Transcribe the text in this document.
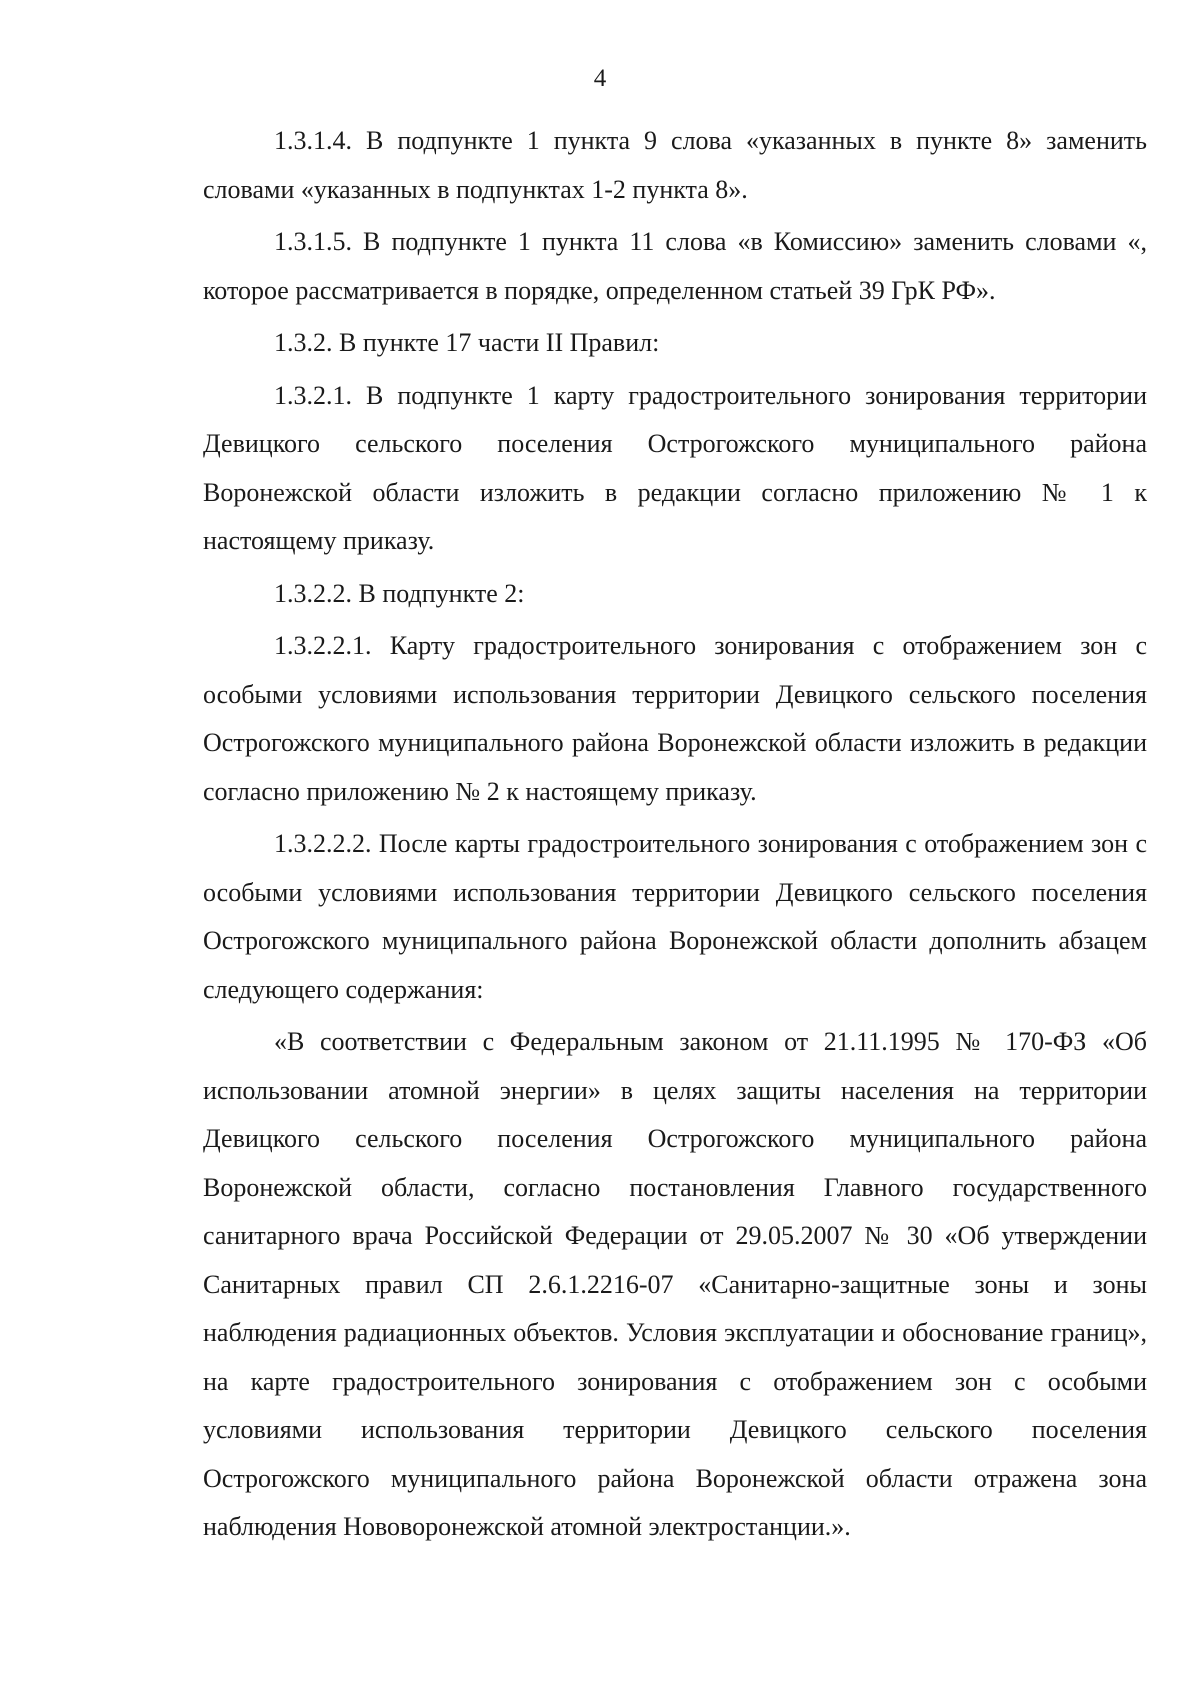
4

1.3.1.4. В подпункте 1 пункта 9 слова «указанных в пункте 8» заменить словами «указанных в подпунктах 1-2 пункта 8».

1.3.1.5. В подпункте 1 пункта 11 слова «в Комиссию» заменить словами «, которое рассматривается в порядке, определенном статьей 39 ГрК РФ».

1.3.2. В пункте 17 части II Правил:

1.3.2.1. В подпункте 1 карту градостроительного зонирования территории Девицкого сельского поселения Острогожского муниципального района Воронежской области изложить в редакции согласно приложению № 1 к настоящему приказу.

1.3.2.2. В подпункте 2:

1.3.2.2.1. Карту градостроительного зонирования с отображением зон с особыми условиями использования территории Девицкого сельского поселения Острогожского муниципального района Воронежской области изложить в редакции согласно приложению № 2 к настоящему приказу.

1.3.2.2.2. После карты градостроительного зонирования с отображением зон с особыми условиями использования территории Девицкого сельского поселения Острогожского муниципального района Воронежской области дополнить абзацем следующего содержания:

«В соответствии с Федеральным законом от 21.11.1995 № 170-ФЗ «Об использовании атомной энергии» в целях защиты населения на территории Девицкого сельского поселения Острогожского муниципального района Воронежской области, согласно постановления Главного государственного санитарного врача Российской Федерации от 29.05.2007 № 30 «Об утверждении Санитарных правил СП 2.6.1.2216-07 «Санитарно-защитные зоны и зоны наблюдения радиационных объектов. Условия эксплуатации и обоснование границ», на карте градостроительного зонирования с отображением зон с особыми условиями использования территории Девицкого сельского поселения Острогожского муниципального района Воронежской области отражена зона наблюдения Нововоронежской атомной электростанции.».
